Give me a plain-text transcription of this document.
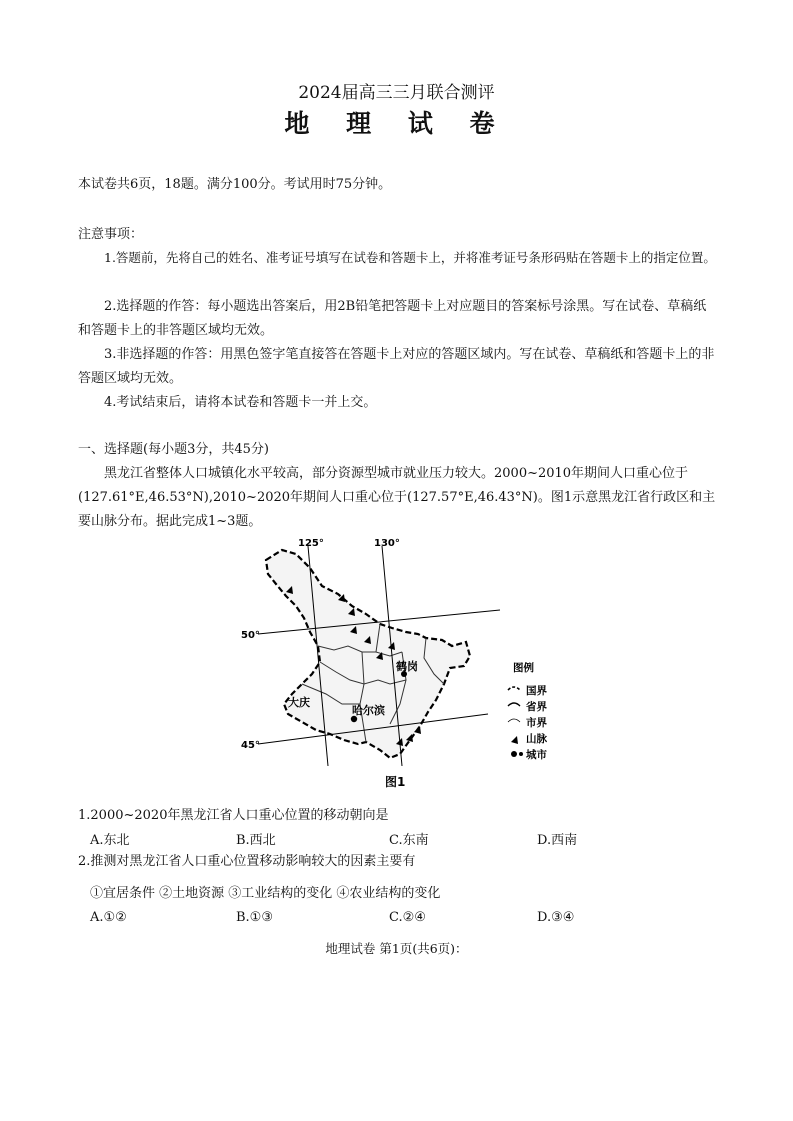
2024届高三三月联合测评
地 理 试 卷
本试卷共6页，18题。满分100分。考试用时75分钟。
注意事项：
1.答题前，先将自己的姓名、准考证号填写在试卷和答题卡上，并将准考证号条形码贴在答题卡上的指定位置。
2.选择题的作答：每小题选出答案后，用2B铅笔把答题卡上对应题目的答案标号涂黑。写在试卷、草稿纸和答题卡上的非答题区域均无效。
3.非选择题的作答：用黑色签字笔直接答在答题卡上对应的答题区域内。写在试卷、草稿纸和答题卡上的非答题区域均无效。
4.考试结束后，请将本试卷和答题卡一并上交。
一、选择题(每小题3分，共45分)
黑龙江省整体人口城镇化水平较高，部分资源型城市就业压力较大。2000~2010年期间人口重心位于(127.61°E,46.53°N),2010~2020年期间人口重心位于(127.57°E,46.43°N)。图1示意黑龙江省行政区和主要山脉分布。据此完成1~3题。
125°	130°
50°
45°
大庆
哈尔滨
鹤岗	图例
国界
省界
市界
山脉
城市
图1
1.2000~2020年黑龙江省人口重心位置的移动朝向是
A.东北	B.西北	C.东南	D.西南
2.推测对黑龙江省人口重心位置移动影响较大的因素主要有
①宜居条件 ②土地资源 ③工业结构的变化 ④农业结构的变化
A.①②	B.①③	C.②④	D.③④
地理试卷 第1页(共6页)：
